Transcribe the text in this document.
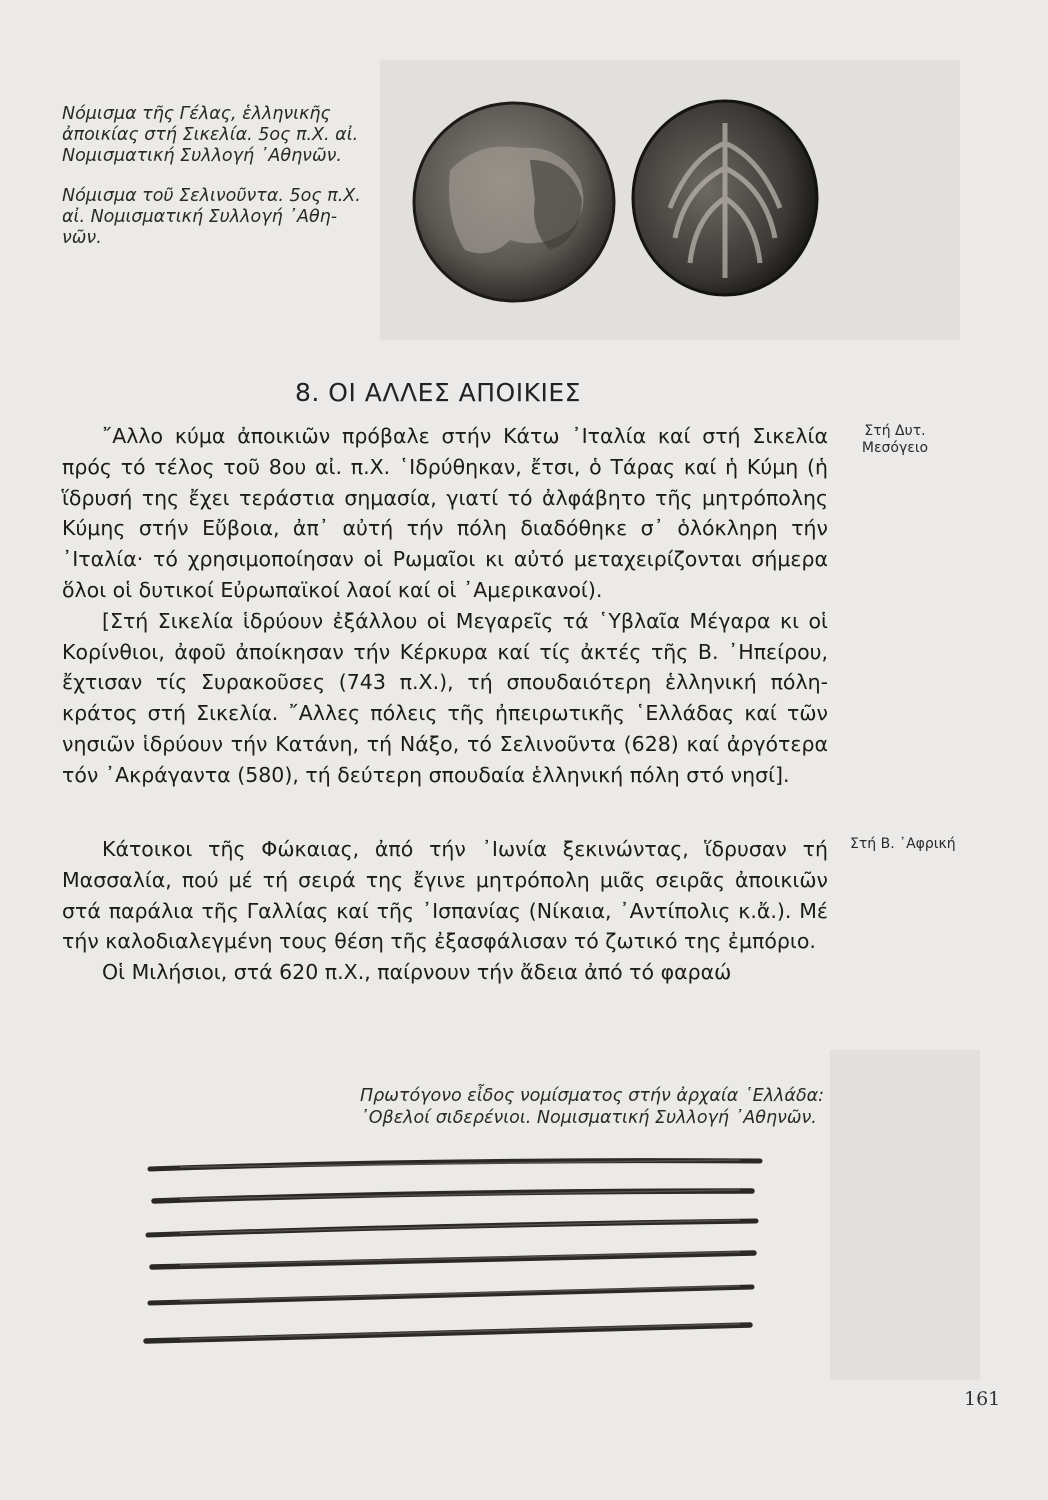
Νόμισμα τῆς Γέλας, ἑλληνικῆς

ἀποικίας στή Σικελία. 5ος π.Χ. αἰ.

Νομισματική Συλλογή ᾿Αθηνῶν.

Νόμισμα τοῦ Σελινοῦντα. 5ος π.Χ.

αἰ. Νομισματική Συλλογή ᾿Αθη-

νῶν.

8. ΟΙ ΑΛΛΕΣ ΑΠΟΙΚΙΕΣ
Στή Δυτ.
Μεσόγειο
Στή Β. ᾿Αφρική

῎Αλλο κύμα ἀποικιῶν πρόβαλε στήν Κάτω ᾿Ιταλία καί στή Σικελία πρός τό τέλος τοῦ 8ου αἰ. π.Χ. ῾Ιδρύθηκαν, ἔτσι, ὁ Τάρας καί ἡ Κύμη (ἡ ἵδρυσή της ἔχει τεράστια σημασία, γιατί τό ἀλφάβητο τῆς μητρόπολης Κύμης στήν Εὔβοια, ἀπ᾿ αὐτή τήν πόλη διαδόθηκε σ᾿ ὁλόκληρη τήν ᾿Ιταλία· τό χρησιμοποίησαν οἱ Ρωμαῖοι κι αὐτό μεταχειρίζονται σήμερα ὅλοι οἱ δυτικοί Εὐρωπαϊκοί λαοί καί οἱ ᾿Αμερικανοί).

[Στή Σικελία ἱδρύουν ἐξάλλου οἱ Μεγαρεῖς τά ῾Υβλαῖα Μέγαρα κι οἱ Κορίνθιοι, ἀφοῦ ἀποίκησαν τήν Κέρκυρα καί τίς ἀκτές τῆς Β. ᾿Ηπείρου, ἔχτισαν τίς Συρακοῦσες (743 π.Χ.), τή σπουδαιότερη ἑλληνική πόλη-κράτος στή Σικελία. ῎Αλλες πόλεις τῆς ἠπειρωτικῆς ῾Ελλάδας καί τῶν νησιῶν ἱδρύουν τήν Κατάνη, τή Νάξο, τό Σελινοῦντα (628) καί ἀργότερα τόν ᾿Ακράγαντα (580), τή δεύτερη σπουδαία ἑλληνική πόλη στό νησί].

Κάτοικοι τῆς Φώκαιας, ἀπό τήν ᾿Ιωνία ξεκινώντας, ἵδρυσαν τή Μασσαλία, πού μέ τή σειρά της ἔγινε μητρόπολη μιᾶς σειρᾶς ἀποικιῶν στά παράλια τῆς Γαλλίας καί τῆς ᾿Ισπανίας (Νίκαια, ᾿Αντίπολις κ.ἄ.). Μέ τήν καλοδιαλεγμένη τους θέση τῆς ἐξασφάλισαν τό ζωτικό της ἐμπόριο.

Οἱ Μιλήσιοι, στά 620 π.Χ., παίρνουν τήν ἄδεια ἀπό τό φαραώ

Πρωτόγονο εἶδος νομίσματος στήν ἀρχαία ῾Ελλάδα:

᾿Οβελοί σιδερένιοι. Νομισματική Συλλογή ᾿Αθηνῶν.

161
